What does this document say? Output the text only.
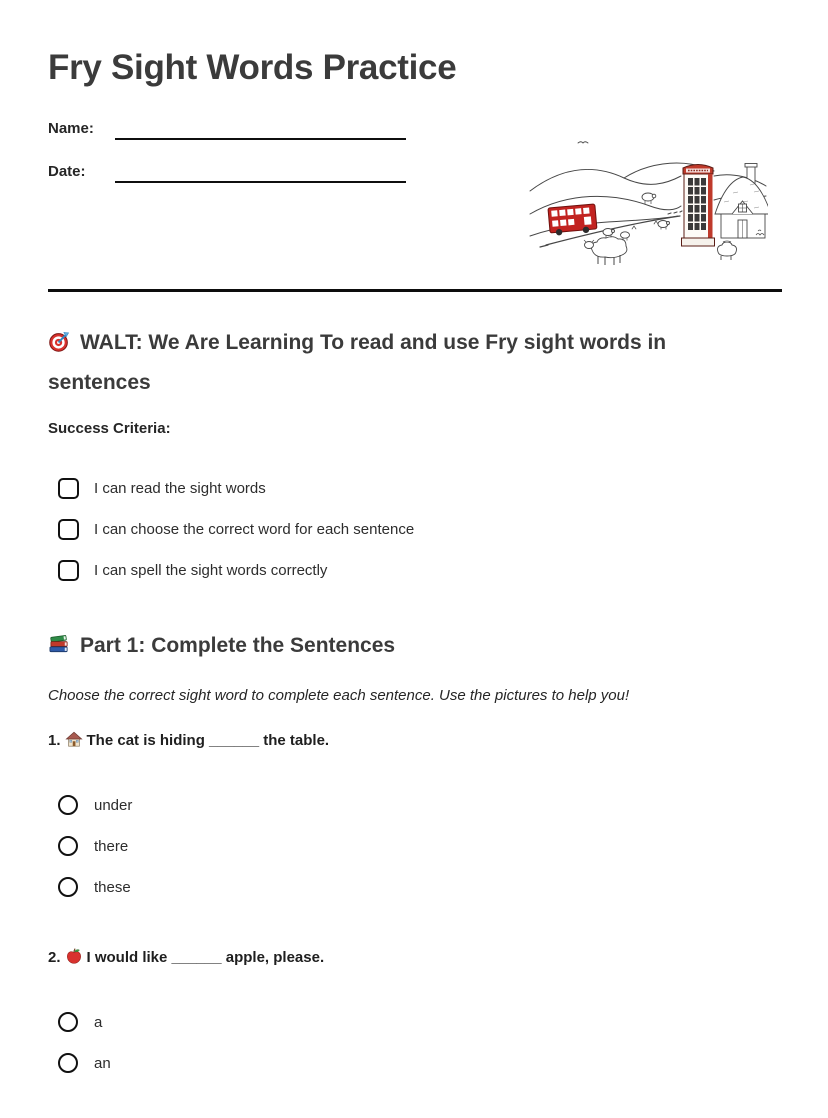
Fry Sight Words Practice
Name:
Date:
WALT: We Are Learning To read and use Fry sight words in sentences
Success Criteria:
I can read the sight words
I can choose the correct word for each sentence
I can spell the sight words correctly
Part 1: Complete the Sentences

Choose the correct sight word to complete each sentence. Use the pictures to help you!

1. The cat is hiding ______ the table.

under
there
these

2. I would like ______ apple, please.

a
an
